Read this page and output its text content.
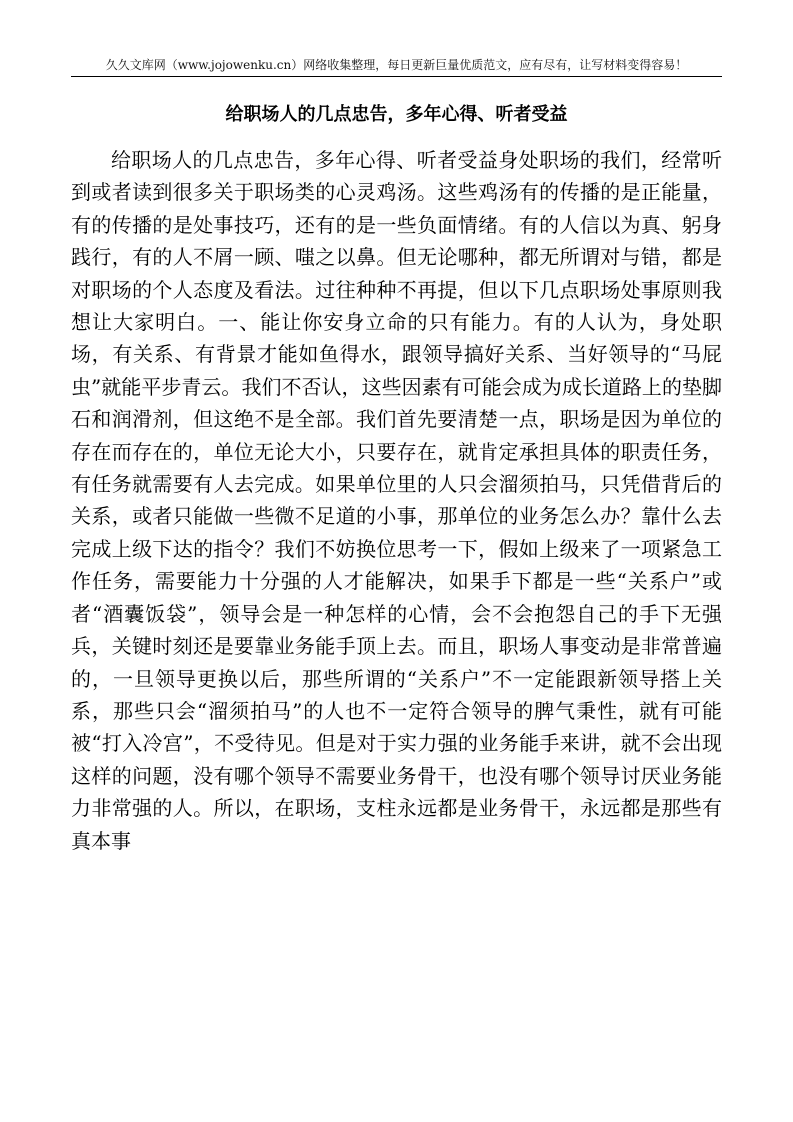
久久文库网（www.jojowenku.cn）网络收集整理，每日更新巨量优质范文，应有尽有，让写材料变得容易！
给职场人的几点忠告，多年心得、听者受益

给职场人的几点忠告，多年心得、听者受益身处职场的我们，经常听到或者读到很多关于职场类的心灵鸡汤。这些鸡汤有的传播的是正能量，有的传播的是处事技巧，还有的是一些负面情绪。有的人信以为真、躬身践行，有的人不屑一顾、嗤之以鼻。但无论哪种，都无所谓对与错，都是对职场的个人态度及看法。过往种种不再提，但以下几点职场处事原则我想让大家明白。一、能让你安身立命的只有能力。有的人认为，身处职场，有关系、有背景才能如鱼得水，跟领导搞好关系、当好领导的“马屁虫”就能平步青云。我们不否认，这些因素有可能会成为成长道路上的垫脚石和润滑剂，但这绝不是全部。我们首先要清楚一点，职场是因为单位的存在而存在的，单位无论大小，只要存在，就肯定承担具体的职责任务，有任务就需要有人去完成。如果单位里的人只会溜须拍马，只凭借背后的关系，或者只能做一些微不足道的小事，那单位的业务怎么办？靠什么去完成上级下达的指令？我们不妨换位思考一下，假如上级来了一项紧急工作任务，需要能力十分强的人才能解决，如果手下都是一些“关系户”或者“酒囊饭袋”，领导会是一种怎样的心情，会不会抱怨自己的手下无强兵，关键时刻还是要靠业务能手顶上去。而且，职场人事变动是非常普遍的，一旦领导更换以后，那些所谓的“关系户”不一定能跟新领导搭上关系，那些只会“溜须拍马”的人也不一定符合领导的脾气秉性，就有可能被“打入冷宫”，不受待见。但是对于实力强的业务能手来讲，就不会出现这样的问题，没有哪个领导不需要业务骨干，也没有哪个领导讨厌业务能力非常强的人。所以，在职场，支柱永远都是业务骨干，永远都是那些有真本事
